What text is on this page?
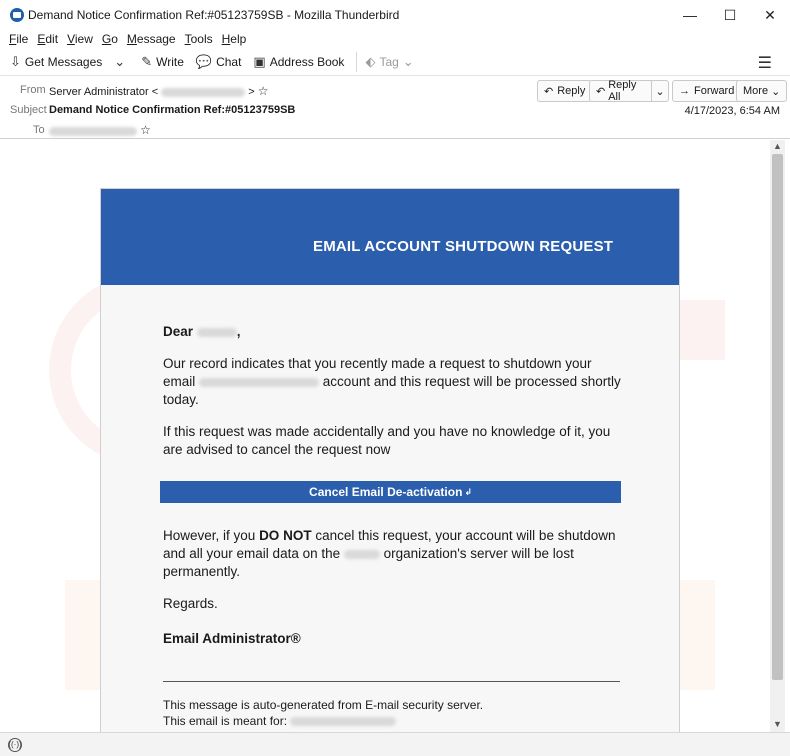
Demand Notice Confirmation Ref:#05123759SB - Mozilla Thunderbird	—	☐	✕
File Edit View Go Message Tools Help
⇩ Get Messages ⌄ ✎ Write 💬 Chat ▣ Address Book ⬖ Tag ⌄	☰
From Server Administrator <	> ☆
Subject Demand Notice Confirmation Ref:#05123759SB
To	☆
↶ Reply ↶
Reply All	⌄ → Forward More ⌄
4/17/2023, 6:54 AM
EMAIL ACCOUNT SHUTDOWN REQUEST
Dear	,
Our record indicates that you recently made a request to shutdown your email	account and this request will be processed shortly today.
If this request was made accidentally and you have no knowledge of it, you are advised to cancel the request now
Cancel Email De-activation ↲
However, if you DO NOT cancel this request, your account will be shutdown and all your email data on the	organization's server will be lost permanently.
Regards.
Email Administrator®
This message is auto-generated from E-mail security server.
This email is meant for:
▲
▼
((·))
